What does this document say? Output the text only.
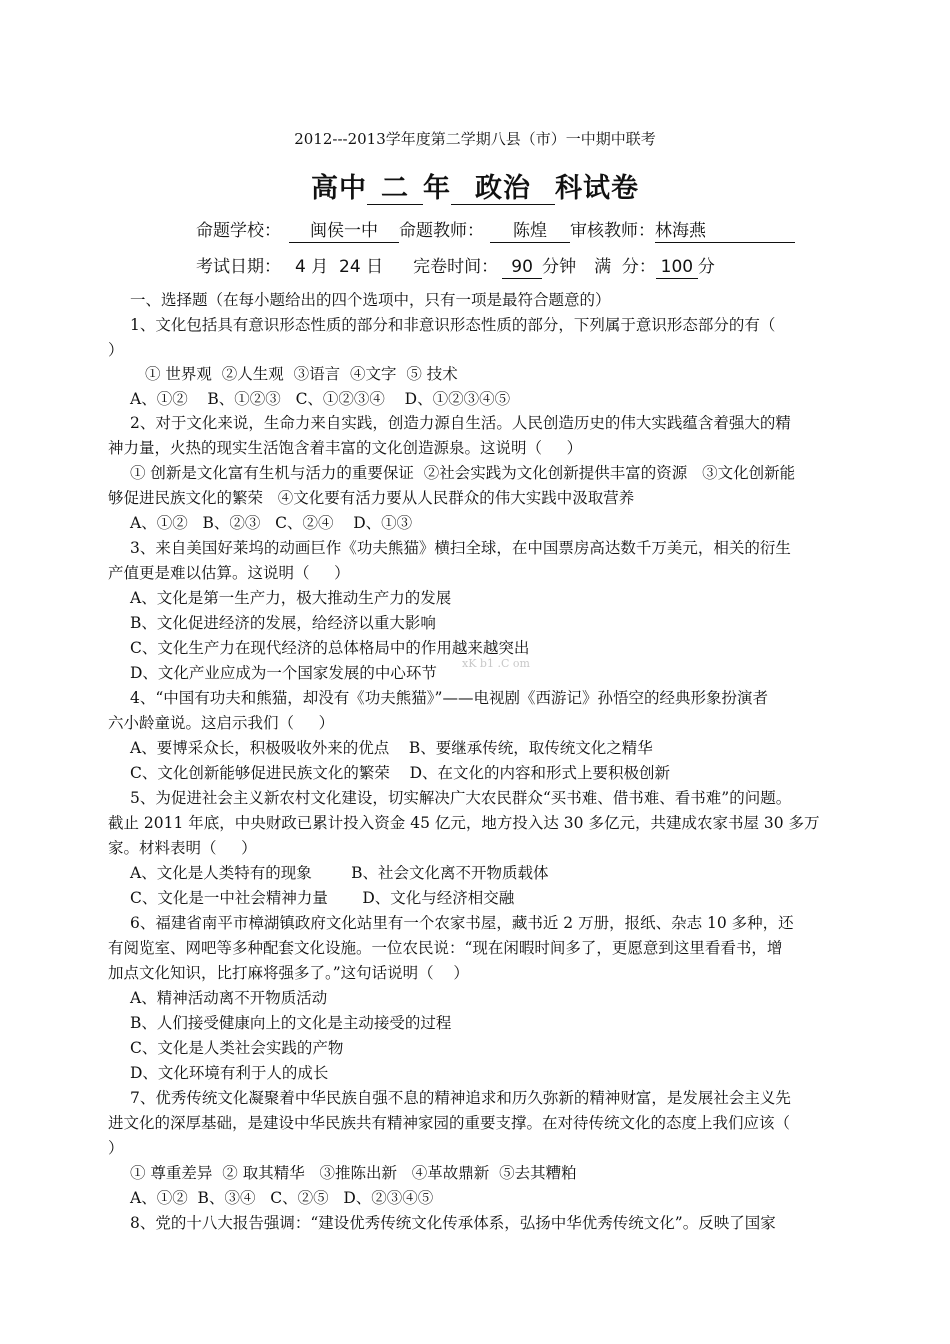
2012---2013学年度第二学期八县（市）一中期中联考
高中 二 年 政治 科试卷
命题学校： 闽侯一中 命题教师： 陈煌 审核教师：林海燕
考试日期： 4 月  24 日 完卷时间： 90 分钟 满  分： 100 分
一、选择题（在每小题给出的四个选项中，只有一项是最符合题意的）
1、文化包括具有意识形态性质的部分和非意识形态性质的部分，下列属于意识形态部分的有（
）
① 世界观  ②人生观  ③语言  ④文字  ⑤ 技术
A、①②    B、①②③   C、①②③④    D、①②③④⑤
2、对于文化来说，生命力来自实践，创造力源自生活。人民创造历史的伟大实践蕴含着强大的精
神力量，火热的现实生活饱含着丰富的文化创造源泉。这说明（     ）
① 创新是文化富有生机与活力的重要保证  ②社会实践为文化创新提供丰富的资源   ③文化创新能
够促进民族文化的繁荣   ④文化要有活力要从人民群众的伟大实践中汲取营养
A、①②   B、②③   C、②④    D、①③
3、来自美国好莱坞的动画巨作《功夫熊猫》横扫全球，在中国票房高达数千万美元，相关的衍生
产值更是难以估算。这说明（     ）
A、文化是第一生产力，极大推动生产力的发展
B、文化促进经济的发展，给经济以重大影响
C、文化生产力在现代经济的总体格局中的作用越来越突出
D、文化产业应成为一个国家发展的中心环节
4、“中国有功夫和熊猫，却没有《功夫熊猫》”——电视剧《西游记》孙悟空的经典形象扮演者
六小龄童说。这启示我们（     ）
A、要博采众长，积极吸收外来的优点    B、要继承传统，取传统文化之精华
C、文化创新能够促进民族文化的繁荣    D、在文化的内容和形式上要积极创新
5、为促进社会主义新农村文化建设，切实解决广大农民群众“买书难、借书难、看书难”的问题。
截止 2011 年底，中央财政已累计投入资金 45 亿元，地方投入达 30 多亿元，共建成农家书屋 30 多万
家。材料表明（     ）
A、文化是人类特有的现象        B、社会文化离不开物质载体
C、文化是一中社会精神力量       D、文化与经济相交融
6、福建省南平市樟湖镇政府文化站里有一个农家书屋，藏书近 2 万册，报纸、杂志 10 多种，还
有阅览室、网吧等多种配套文化设施。一位农民说：“现在闲暇时间多了，更愿意到这里看看书，增
加点文化知识，比打麻将强多了。”这句话说明（    ）
A、精神活动离不开物质活动
B、人们接受健康向上的文化是主动接受的过程
C、文化是人类社会实践的产物
D、文化环境有利于人的成长
7、优秀传统文化凝聚着中华民族自强不息的精神追求和历久弥新的精神财富，是发展社会主义先
进文化的深厚基础，是建设中华民族共有精神家园的重要支撑。在对待传统文化的态度上我们应该（
）
① 尊重差异  ② 取其精华   ③推陈出新   ④革故鼎新  ⑤去其糟粕
A、①②  B、③④   C、②⑤   D、②③④⑤
8、党的十八大报告强调：“建设优秀传统文化传承体系，弘扬中华优秀传统文化”。反映了国家
xK b1 .C om
